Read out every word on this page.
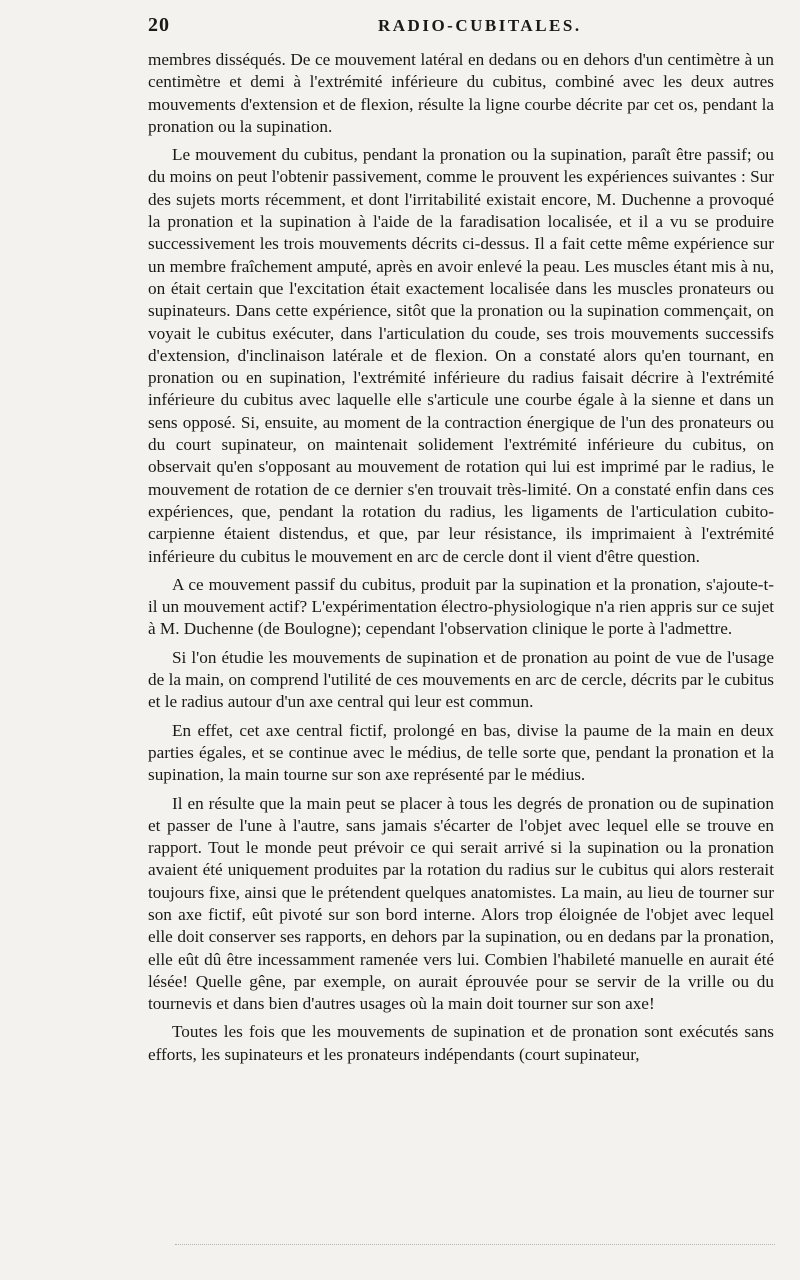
20	RADIO-CUBITALES.

membres disséqués. De ce mouvement latéral en dedans ou en dehors d'un centimètre à un centimètre et demi à l'extrémité inférieure du cubitus, combiné avec les deux autres mouvements d'extension et de flexion, résulte la ligne courbe décrite par cet os, pendant la pronation ou la supination.

Le mouvement du cubitus, pendant la pronation ou la supination, paraît être passif; ou du moins on peut l'obtenir passivement, comme le prouvent les expériences suivantes : Sur des sujets morts récemment, et dont l'irritabilité existait encore, M. Duchenne a provoqué la pronation et la supination à l'aide de la faradisation localisée, et il a vu se produire successivement les trois mouvements décrits ci-dessus. Il a fait cette même expérience sur un membre fraîchement amputé, après en avoir enlevé la peau. Les muscles étant mis à nu, on était certain que l'excitation était exactement localisée dans les muscles pronateurs ou supinateurs. Dans cette expérience, sitôt que la pronation ou la supination commençait, on voyait le cubitus exécuter, dans l'articulation du coude, ses trois mouvements successifs d'extension, d'inclinaison latérale et de flexion. On a constaté alors qu'en tournant, en pronation ou en supination, l'extrémité inférieure du radius faisait décrire à l'extrémité inférieure du cubitus avec laquelle elle s'articule une courbe égale à la sienne et dans un sens opposé. Si, ensuite, au moment de la contraction énergique de l'un des pronateurs ou du court supinateur, on maintenait solidement l'extrémité inférieure du cubitus, on observait qu'en s'opposant au mouvement de rotation qui lui est imprimé par le radius, le mouvement de rotation de ce dernier s'en trouvait très-limité. On a constaté enfin dans ces expériences, que, pendant la rotation du radius, les ligaments de l'articulation cubito-carpienne étaient distendus, et que, par leur résistance, ils imprimaient à l'extrémité inférieure du cubitus le mouvement en arc de cercle dont il vient d'être question.

A ce mouvement passif du cubitus, produit par la supination et la pronation, s'ajoute-t-il un mouvement actif? L'expérimentation électro-physiologique n'a rien appris sur ce sujet à M. Duchenne (de Boulogne); cependant l'observation clinique le porte à l'admettre.

Si l'on étudie les mouvements de supination et de pronation au point de vue de l'usage de la main, on comprend l'utilité de ces mouvements en arc de cercle, décrits par le cubitus et le radius autour d'un axe central qui leur est commun.

En effet, cet axe central fictif, prolongé en bas, divise la paume de la main en deux parties égales, et se continue avec le médius, de telle sorte que, pendant la pronation et la supination, la main tourne sur son axe représenté par le médius.

Il en résulte que la main peut se placer à tous les degrés de pronation ou de supination et passer de l'une à l'autre, sans jamais s'écarter de l'objet avec lequel elle se trouve en rapport. Tout le monde peut prévoir ce qui serait arrivé si la supination ou la pronation avaient été uniquement produites par la rotation du radius sur le cubitus qui alors resterait toujours fixe, ainsi que le prétendent quelques anatomistes. La main, au lieu de tourner sur son axe fictif, eût pivoté sur son bord interne. Alors trop éloignée de l'objet avec lequel elle doit conserver ses rapports, en dehors par la supination, ou en dedans par la pronation, elle eût dû être incessamment ramenée vers lui. Combien l'habileté manuelle en aurait été lésée! Quelle gêne, par exemple, on aurait éprouvée pour se servir de la vrille ou du tournevis et dans bien d'autres usages où la main doit tourner sur son axe!

Toutes les fois que les mouvements de supination et de pronation sont exécutés sans efforts, les supinateurs et les pronateurs indépendants (court supinateur,
